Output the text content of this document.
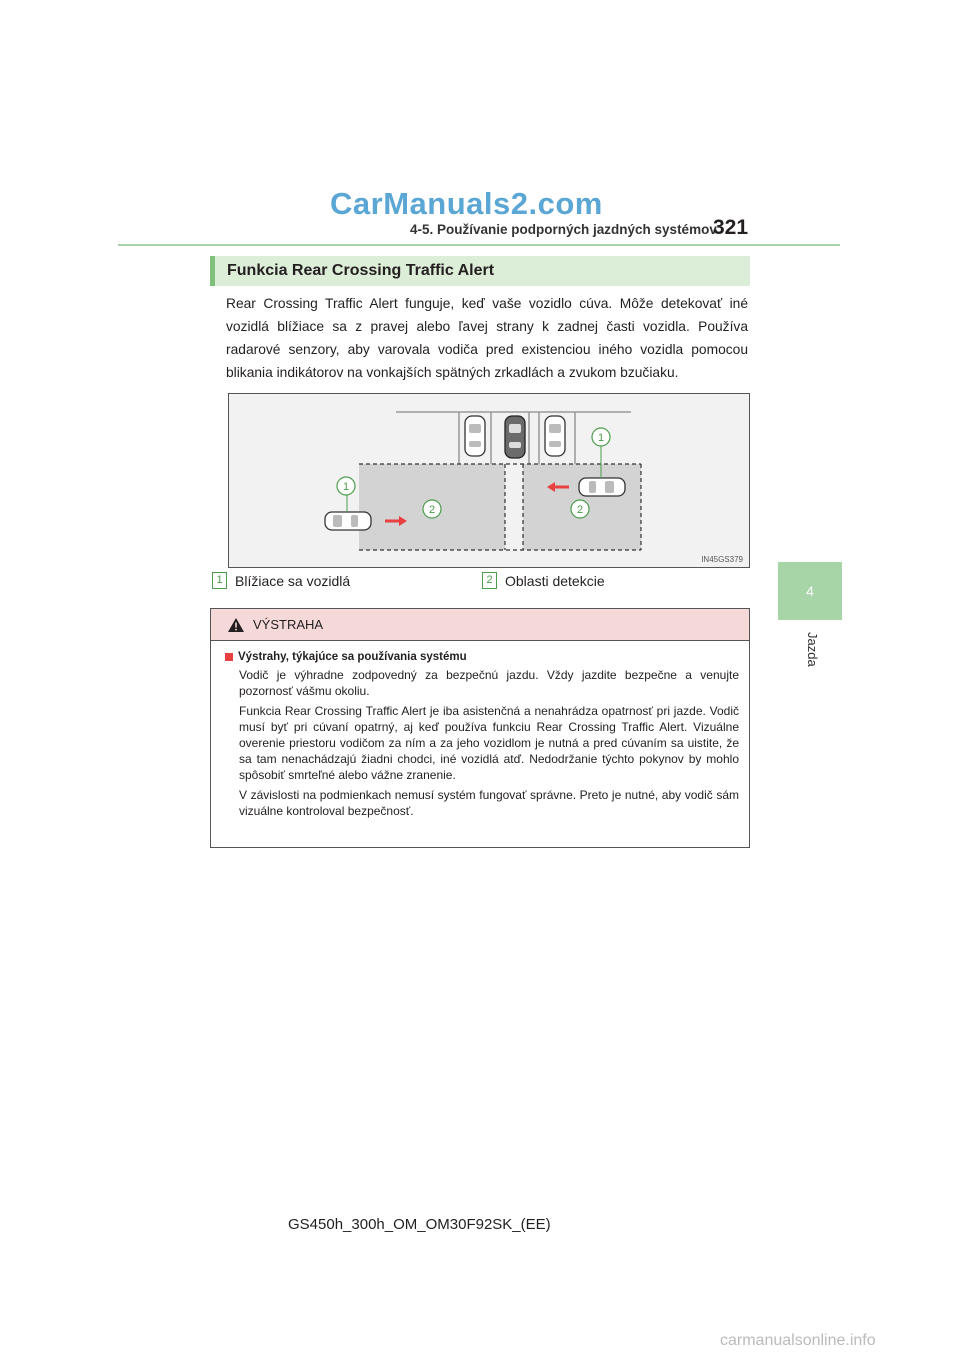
CarManuals2.com
4-5. Používanie podporných jazdných systémov
321
4
Jazda
Funkcia Rear Crossing Traffic Alert
Rear Crossing Traffic Alert funguje, keď vaše vozidlo cúva. Môže detekovať iné vozidlá blížiace sa z pravej alebo ľavej strany k zadnej časti vozidla. Používa radarové senzory, aby varovala vodiča pred existenciou iného vozidla pomocou blikania indikátorov na vonkajších spätných zrkadlách a zvukom bzučiaku.
1
1
2	2
IN45GS379
1 Blížiace sa vozidlá	2 Oblasti detekcie
VÝSTRAHA
Výstrahy, týkajúce sa používania systému

Vodič je výhradne zodpovedný za bezpečnú jazdu. Vždy jazdite bezpečne a venujte pozornosť vášmu okoliu.

Funkcia Rear Crossing Traffic Alert je iba asistenčná a nenahrádza opatrnosť pri jazde. Vodič musí byť pri cúvaní opatrný, aj keď používa funkciu Rear Crossing Traffic Alert. Vizuálne overenie priestoru vodičom za ním a za jeho vozidlom je nutná a pred cúvaním sa uistite, že sa tam nenachádzajú žiadni chodci, iné vozidlá atď. Nedodržanie týchto pokynov by mohlo spôsobiť smrteľné alebo vážne zranenie.

V závislosti na podmienkach nemusí systém fungovať správne. Preto je nutné, aby vodič sám vizuálne kontroloval bezpečnosť.

GS450h_300h_OM_OM30F92SK_(EE)
carmanualsonline.info
